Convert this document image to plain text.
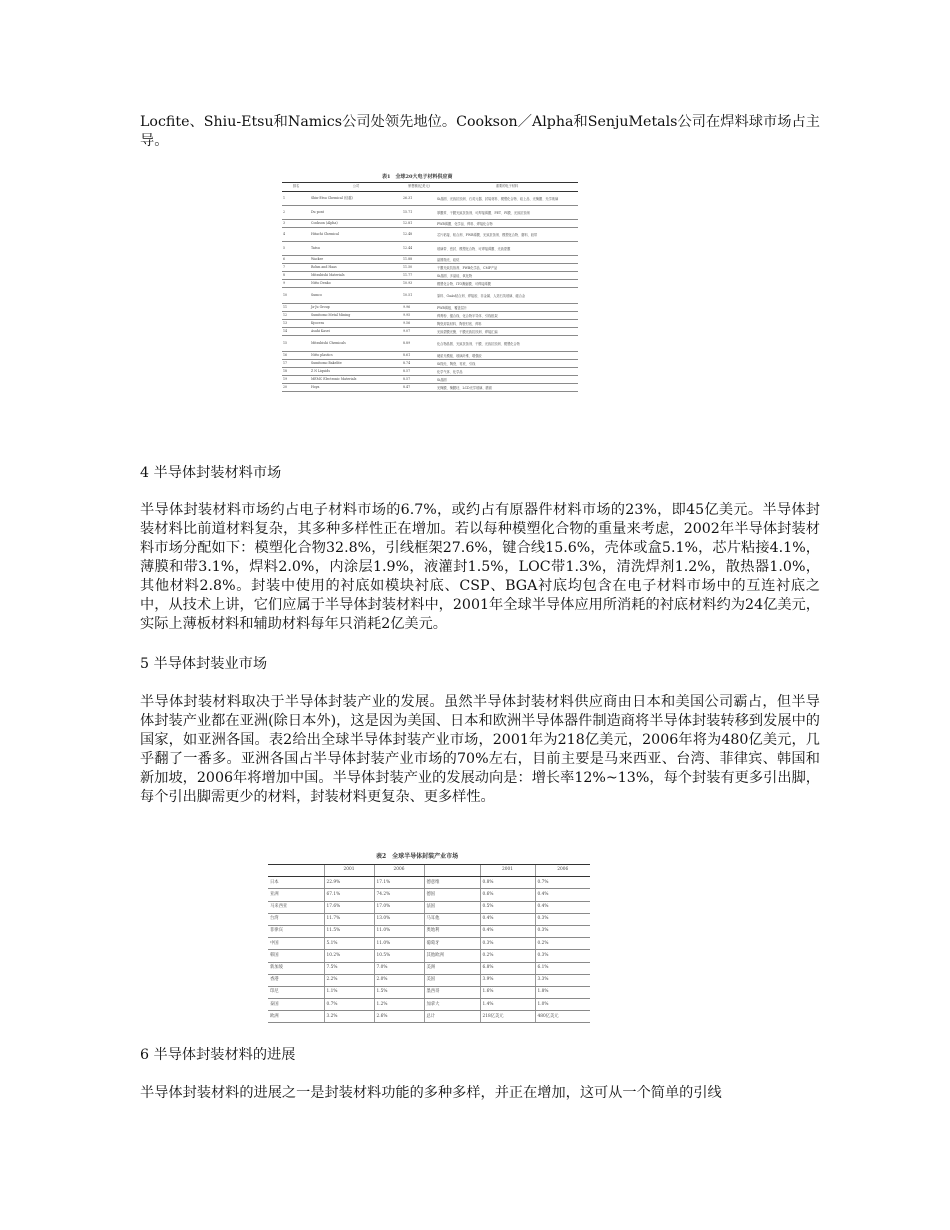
Locfite、Shiu-Etsu和Namics公司处领先地位。Cookson／Alpha和SenjuMetals公司在焊料球市场占主导。

表1　全球20大电子材料供应商
排名	公司	销售额(亿美元)	重要的电子材料
1	Shin-Etsu Chemical (信越)	26.31	Si晶圆、光致抗蚀剂、石英元器、封装材料、模塑化合物、硅上品、光掩膜、光学玻璃
2	Du pont	15.71	厚膜浆、干膜光致抗蚀剂、可焊接薄膜、PET、PI膜、光致抗蚀剂
3	Cookson (Alpha)	12.81	PWB薄膜、化学品、焊料、焊接化合物
4	Hitachi Chemical	12.48	芯片粘接、粘合剂、PWB薄膜、光致抗蚀剂、模塑化合物、磨料、胶带
5	Tatsu	12.44	玻璃带、密封、模塑化合物、可焊接薄膜、光致蒙膜
6	Wacker	11.88	晶圆抛光、硅烷
7	Rohm and Haas	11.50	干膜光致抗蚀剂、PWB化学品、CMP产品
8	Mitsubishi Materials	11.77	Si晶圆、多晶硅、氧化物
9	Nitto Denko	10.93	模塑化合物、ITO溅射膜、可焊接薄膜
10	Sumco	10.51	原料、GaAs粘合剂、焊接胶、非金属、人造石英玻璃、磁合金
11	Ja-Ju Group	9.96	PWB薄板、覆盖层片
12	Sumitomo Metal Mining	9.95	焊膏粉、键合线、化合物半导体、引线框架
13	Kyocera	9.56	陶瓷封装材料、陶瓷衬底、焊料
14	Asahi Kasei	9.07	光致蒙膜光聚、干膜光致抗蚀剂、焊接汇编
15	Mitsubishi Chemicals	8.89	化合物晶圆、光致抗蚀剂、干膜、光致抗蚀剂、模塑化合物
16	Nitto plastics	8.61	硬质光模板、玻璃纤维、增强胶
17	Sumitomo Bakelite	8.74	Si抛光、陶瓷、衬底、引线
18	Z N Liquids	8.57	化学气体、化学品
19	MEMC Electronic Materials	8.57	Si晶圆
20	Hoya	8.47	光掩膜、掩膜坯、LCD光学玻璃、磨面

4 半导体封装材料市场

半导体封装材料市场约占电子材料市场的6.7%，或约占有原器件材料市场的23%，即45亿美元。半导体封装材料比前道材料复杂，其多种多样性正在增加。若以每种模塑化合物的重量来考虑，2002年半导体封装材料市场分配如下：模塑化合物32.8%，引线框架27.6%，键合线15.6%，壳体或盒5.1%，芯片粘接4.1%，薄膜和带3.1%，焊料2.0%，内涂层1.9%，液灌封1.5%，LOC带1.3%，清洗焊剂1.2%，散热器1.0%，其他材料2.8%。封装中使用的衬底如模块衬底、CSP、BGA衬底均包含在电子材料市场中的互连衬底之中，从技术上讲，它们应属于半导体封装材料中，2001年全球半导体应用所消耗的衬底材料约为24亿美元，实际上薄板材料和辅助材料每年只消耗2亿美元。

5 半导体封装业市场

半导体封装材料取决于半导体封装产业的发展。虽然半导体封装材料供应商由日本和美国公司霸占，但半导体封装产业都在亚洲(除日本外)，这是因为美国、日本和欧洲半导体器件制造商将半导体封装转移到发展中的国家，如亚洲各国。表2给出全球半导体封装产业市场，2001年为218亿美元，2006年将为480亿美元，几乎翻了一番多。亚洲各国占半导体封装产业市场的70%左右，目前主要是马来西亚、台湾、菲律宾、韩国和新加坡，2006年将增加中国。半导体封装产业的发展动向是：增长率12%~13%，每个封装有更多引出脚，每个引出脚需更少的材料，封装材料更复杂、更多样性。

表2　全球半导体封装产业市场
	2001	2006		2001	2006
日本	22.9%	17.1%	德意维	0.8%	0.7%
亚洲	67.1%	74.2%	德国	0.6%	0.4%
马来西亚	17.6%	17.0%	法国	0.5%	0.4%
台湾	11.7%	13.0%	马耳他	0.4%	0.3%
菲律宾	11.5%	11.0%	奥地利	0.4%	0.3%
中国	5.1%	11.0%	葡萄牙	0.3%	0.2%
韩国	10.2%	10.5%	其他欧洲	0.2%	0.3%
新加坡	7.5%	7.0%	美洲	6.8%	6.1%
香港	2.2%	2.0%	美国	3.9%	3.3%
印尼	1.1%	1.5%	墨西哥	1.6%	1.8%
泰国	0.7%	1.2%	加拿大	1.4%	1.0%
欧洲	3.2%	2.6%	总计	218亿美元	480亿美元

6 半导体封装材料的进展

半导体封装材料的进展之一是封装材料功能的多种多样，并正在增加，这可从一个简单的引线
